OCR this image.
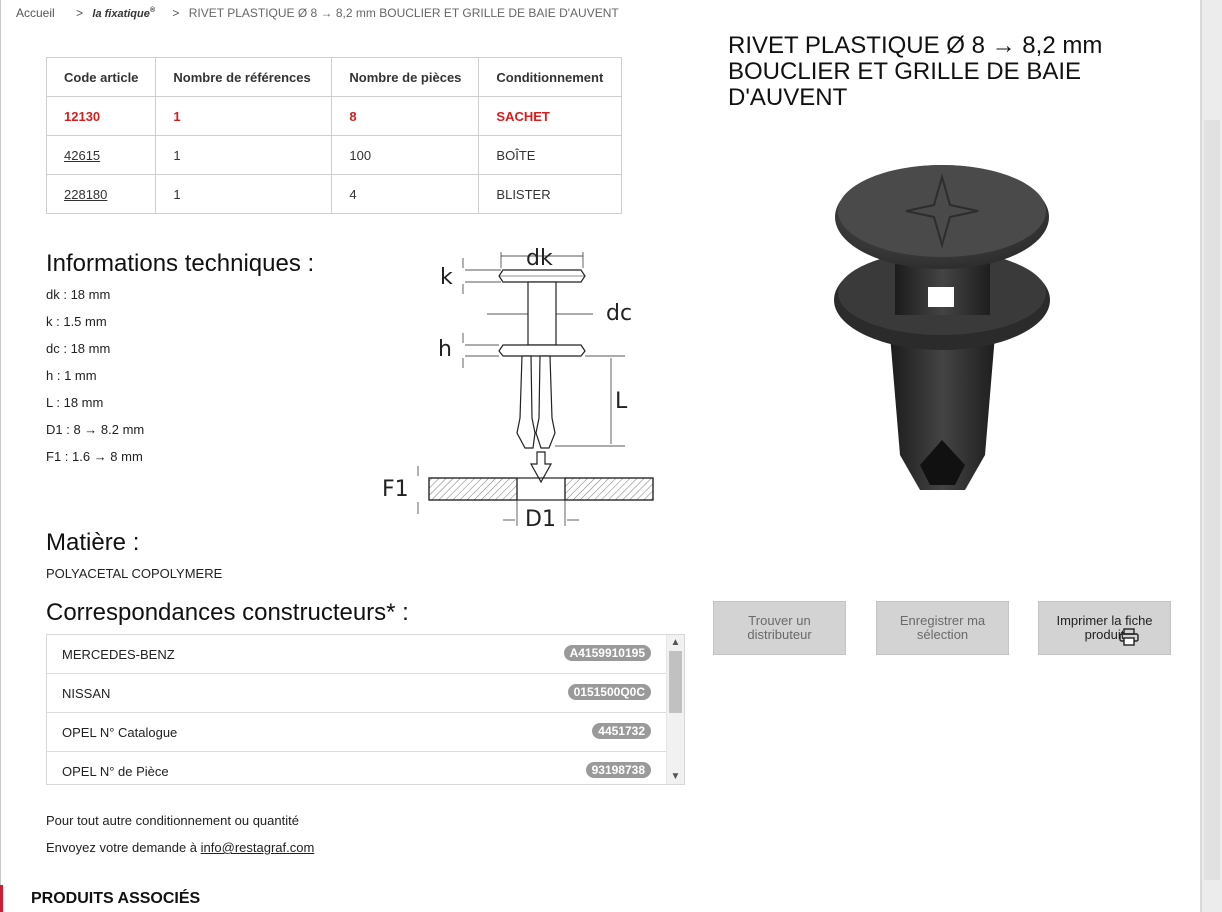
Accueil > la fixatique® > RIVET PLASTIQUE Ø 8 → 8,2 mm BOUCLIER ET GRILLE DE BAIE D'AUVENT
Code article	Nombre de références	Nombre de pièces	Conditionnement
12130	1	8	SACHET
42615	1	100	BOÎTE
228180	1	4	BLISTER
RIVET PLASTIQUE Ø 8 → 8,2 mm
BOUCLIER ET GRILLE DE BAIE D'AUVENT
Informations techniques :
dk : 18 mm
k : 1.5 mm
dc : 18 mm
h : 1 mm
L : 18 mm
D1 : 8 → 8.2 mm
F1 : 1.6 → 8 mm
dk
k
dc
h
L
F1
D1
Matière :
POLYACETAL COPOLYMERE
Correspondances constructeurs* :
MERCEDES-BENZ	A4159910195
NISSAN	0151500Q0C
OPEL N° Catalogue	4451732
OPEL N° de Pièce	93198738
▲
▼
Trouver un distributeur
Enregistrer ma sélection
Imprimer la fiche produit
Pour tout autre conditionnement ou quantité
Envoyez votre demande à info@restagraf.com
PRODUITS ASSOCIÉS
